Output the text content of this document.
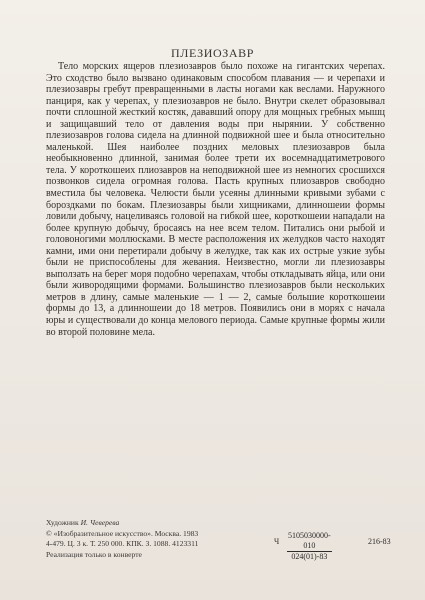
ПЛЕЗИОЗАВР

Тело морских ящеров плезиозавров было похоже на гигантских черепах. Это сходство было вызвано одинаковым способом плавания — и черепахи и плезиозавры гребут превращенными в ласты ногами как веслами. Наружного панциря, как у черепах, у плезиозавров не было. Внутри скелет образовывал почти сплошной жесткий костяк, дававший опору для мощных гребных мышц и защищавший тело от давления воды при нырянии. У собственно плезиозавров голова сидела на длинной подвижной шее и была относительно маленькой. Шея наиболее поздних меловых плезиозавров была необыкновенно длинной, занимая более трети их восемнадцатиметрового тела. У короткошеих плиозавров на неподвижной шее из немногих сросшихся позвонков сидела огромная голова. Пасть крупных плиозавров свободно вместила бы человека. Челюсти были усеяны длинными кривыми зубами с бороздками по бокам. Плезиозавры были хищниками, длинношеии формы ловили добычу, нацеливаясь головой на гибкой шее, короткошеии нападали на более крупную добычу, бросаясь на нее всем телом. Питались они рыбой и головоногими моллюсками. В месте расположения их желудков часто находят камни, ими они перетирали добычу в желудке, так как их острые узкие зубы были не приспособлены для жевания. Неизвестно, могли ли плезиозавры выползать на берег моря подобно черепахам, чтобы откладывать яйца, или они были живородящими формами. Большинство плезиозавров были нескольких метров в длину, самые маленькие — 1 — 2, самые большие короткошеии формы до 13, а длинношеии до 18 метров. Появились они в морях с начала юры и существовали до конца мелового периода. Самые крупные формы жили во второй половине мела.

Художник И. Чеверева
© «Изобразительное искусство». Москва. 1983
4-479. Ц. 3 к. Т. 250 000. КПК. З. 1088. 4123311
Реализация только в конверте
Ч
5105030000-010
024(01)-83
216-83
